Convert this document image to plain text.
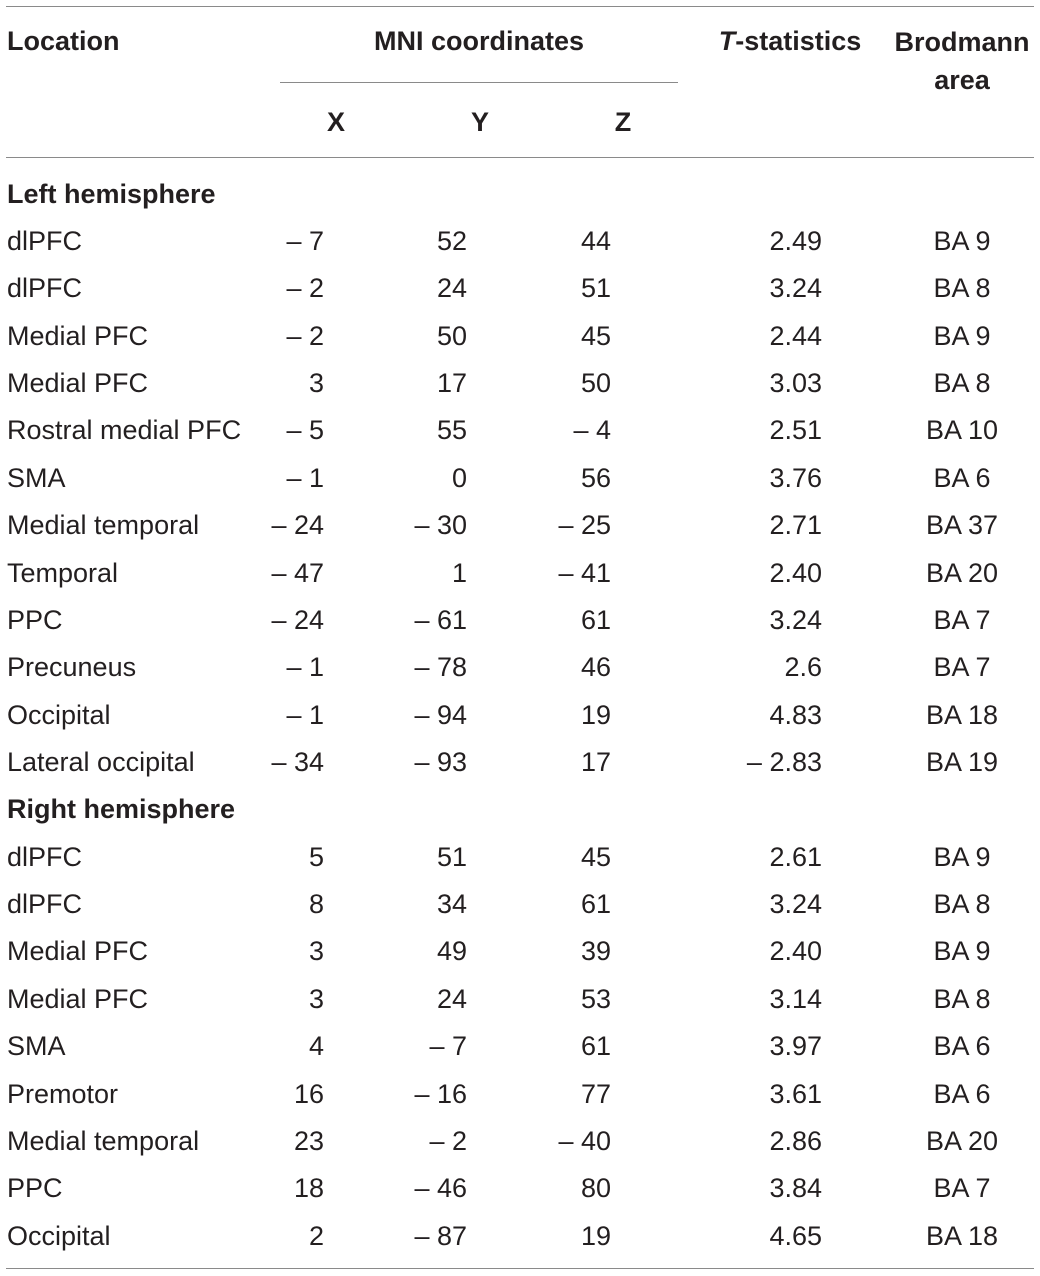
Location	MNI coordinates
X	Y	Z
T-statistics	Brodmann
area
Left hemisphere
dlPFC	– 7	52	44	2.49	BA 9
dlPFC	– 2	24	51	3.24	BA 8
Medial PFC	– 2	50	45	2.44	BA 9
Medial PFC	3	17	50	3.03	BA 8
Rostral medial PFC – 5	55	– 4	2.51	BA 10
SMA	– 1	0	56	3.76	BA 6
Medial temporal	– 24	– 30	– 25	2.71	BA 37
Temporal	– 47	1	– 41	2.40	BA 20
PPC	– 24	– 61	61	3.24	BA 7
Precuneus	– 1	– 78	46	2.6	BA 7
Occipital	– 1	– 94	19	4.83	BA 18
Lateral occipital	– 34	– 93	17	– 2.83	BA 19
Right hemisphere
dlPFC	5	51	45	2.61	BA 9
dlPFC	8	34	61	3.24	BA 8
Medial PFC	3	49	39	2.40	BA 9
Medial PFC	3	24	53	3.14	BA 8
SMA	4	– 7	61	3.97	BA 6
Premotor	16	– 16	77	3.61	BA 6
Medial temporal	23	– 2	– 40	2.86	BA 20
PPC	18	– 46	80	3.84	BA 7
Occipital	2	– 87	19	4.65	BA 18
